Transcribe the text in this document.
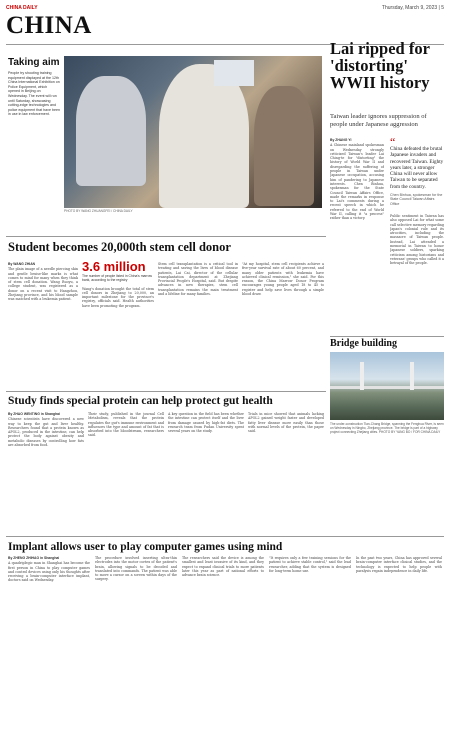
CHINA DAILY	Thursday, March 9, 2023 | 5
CHINA
Taking aim
People try shooting training equipment displayed at the 12th China International Exhibition on Police Equipment, which opened in Beijing on Wednesday. The event will run until Saturday, showcasing cutting-edge technologies and police equipment that have been in use in law enforcement.
PHOTO BY WANG ZHUANGFEI / CHINA DAILY
Lai ripped for 'distorting' WWII history
Taiwan leader ignores suppression of people under Japanese aggression
By ZHANG YI

A Chinese mainland spokesman on Wednesday strongly criticized Taiwan's leader Lai Ching-te for "distorting" the history of World War II and disregarding the suffering of people in Taiwan under Japanese occupation, accusing him of pandering to Japanese interests. Chen Binhua, spokesman for the State Council Taiwan Affairs Office, made the remarks in response to Lai's comments during a recent speech in which he referred to the end of World War II, calling it "a process" rather than a victory.

“
China defeated the brutal Japanese invaders and recovered Taiwan. Eighty years later, a stronger China will never allow Taiwan to be separated from the country.
Chen Binhua, spokesman for the State Council Taiwan Affairs Office

Public sentiment in Taiwan has also opposed Lai for what some call selective memory regarding Japan's colonial rule and its atrocities, including the massacre of Taiwan people. Instead, Lai attended a memorial in Taiwan to honor Japanese soldiers, sparking criticism among historians and veterans' groups who called it a betrayal of the people.

Student becomes 20,000th stem cell donor
By WANG ZHIAN

The plain image of a needle piercing skin and gentle bruise-like marks is what comes to mind for many when they think of stem cell donation. Wang Ruoyu, a college student, was registered as a donor on a recent visit to Hangzhou, Zhejiang province, and his blood sample was matched with a leukemia patient.

3.6 million
The number of people listed in China's marrow bank, according to the registry

Wang's donation brought the total of stem cell donors in Zhejiang to 20,000, an important milestone for the province's registry, officials said. Health authorities have been promoting the program.

Stem cell transplantation is a critical tool in treating and saving the lives of blood disease patients, Lai Cai, director of the cellular transplantation department at Zhejiang Provincial People's Hospital, said. But despite advances in new therapies, stem cell transplantation remains the main treatment and a lifeline for many families.

"At my hospital, stem cell recipients achieve a five-year survival rate of about 60 percent, and many older patients with leukemia have achieved clinical remission," she said. For this reason, the China Marrow Donor Program encourages young people aged 18 to 45 to register and help save lives through a simple blood draw.

Bridge building
The under-construction Tian-Chang Bridge, spanning the Fenghua River, is seen on Wednesday in Ningbo, Zhejiang province. The bridge is part of a highway project connecting Zhejiang cities. PHOTO BY YANG BO / FOR CHINA DAILY
Study finds special protein can help protect gut health
By ZHAO WENTING in Shanghai

Chinese scientists have discovered a new way to keep the gut and liver healthy. Researchers found that a protein known as APOL2, produced in the intestine, can help protect the body against obesity and metabolic diseases by controlling how fats are absorbed from food.

Their study, published in the journal Cell Metabolism, reveals that the protein regulates the gut's immune environment and influences the type and amount of fat that is absorbed into the bloodstream, researchers said.

A key question in the field has been whether the intestine can protect itself and the liver from damage caused by high-fat diets. The research team from Fudan University spent several years on the study.

Trials in mice showed that animals lacking APOL2 gained weight faster and developed fatty liver disease more easily than those with normal levels of the protein, the paper said.

Implant allows user to play computer games using mind
By ZHENG ZHIHAO in Shanghai

A quadriplegic man in Shanghai has become the first person in China to play computer games and control devices using only his thoughts after receiving a brain-computer interface implant, doctors said on Wednesday.

The procedure involved inserting ultra-thin electrodes into the motor cortex of the patient's brain, allowing signals to be decoded and translated into commands. The patient was able to move a cursor on a screen within days of the surgery.

The researchers said the device is among the smallest and least invasive of its kind, and they expect to expand clinical trials to more patients later this year as part of national efforts to advance brain science.

"It requires only a few training sessions for the patient to achieve stable control," said the lead researcher, adding that the system is designed for long-term home use.

In the past two years, China has approved several brain-computer interface clinical studies, and the technology is expected to help people with paralysis regain independence in daily life.
